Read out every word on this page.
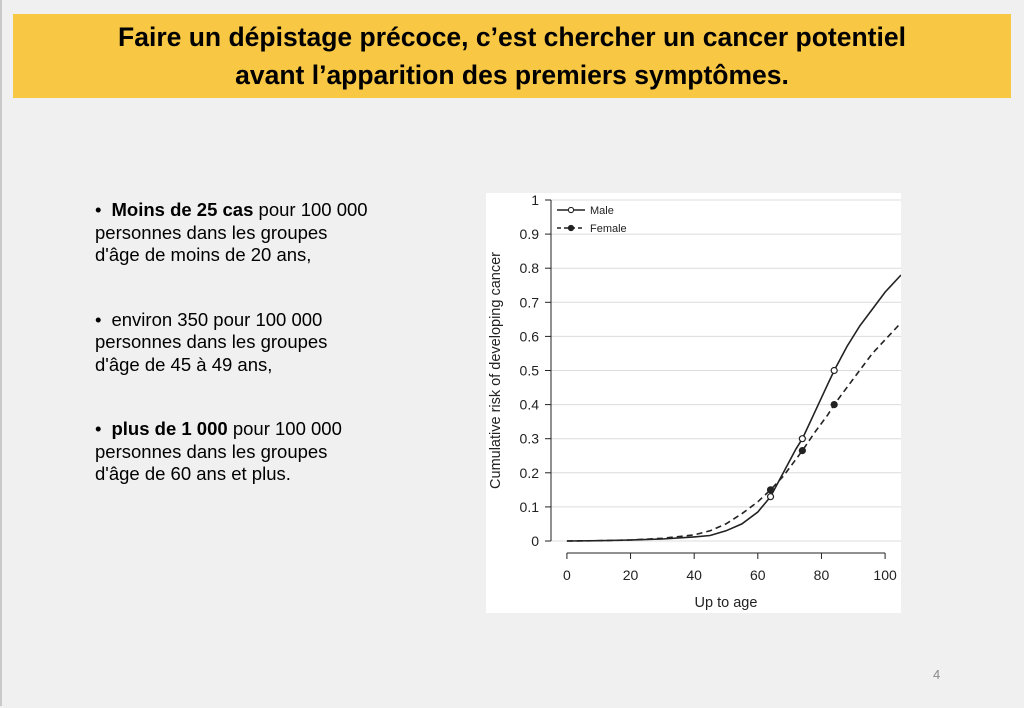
Faire un dépistage précoce, c’est chercher un cancer potentiel
avant l’apparition des premiers symptômes.

• Moins de 25 cas pour 100 000 personnes dans les groupes d'âge de moins de 20 ans,

• environ 350 pour 100 000 personnes dans les groupes d'âge de 45 à 49 ans,

• plus de 1 000 pour 100 000 personnes dans les groupes d'âge de 60 ans et plus.

0
0.1
0.2
0.3
0.4
0.5
0.6
0.7
0.8
0.9
1
0	20	40	60	80	100
Up to age
Cumulative risk of developing cancer
Male
Female
4
